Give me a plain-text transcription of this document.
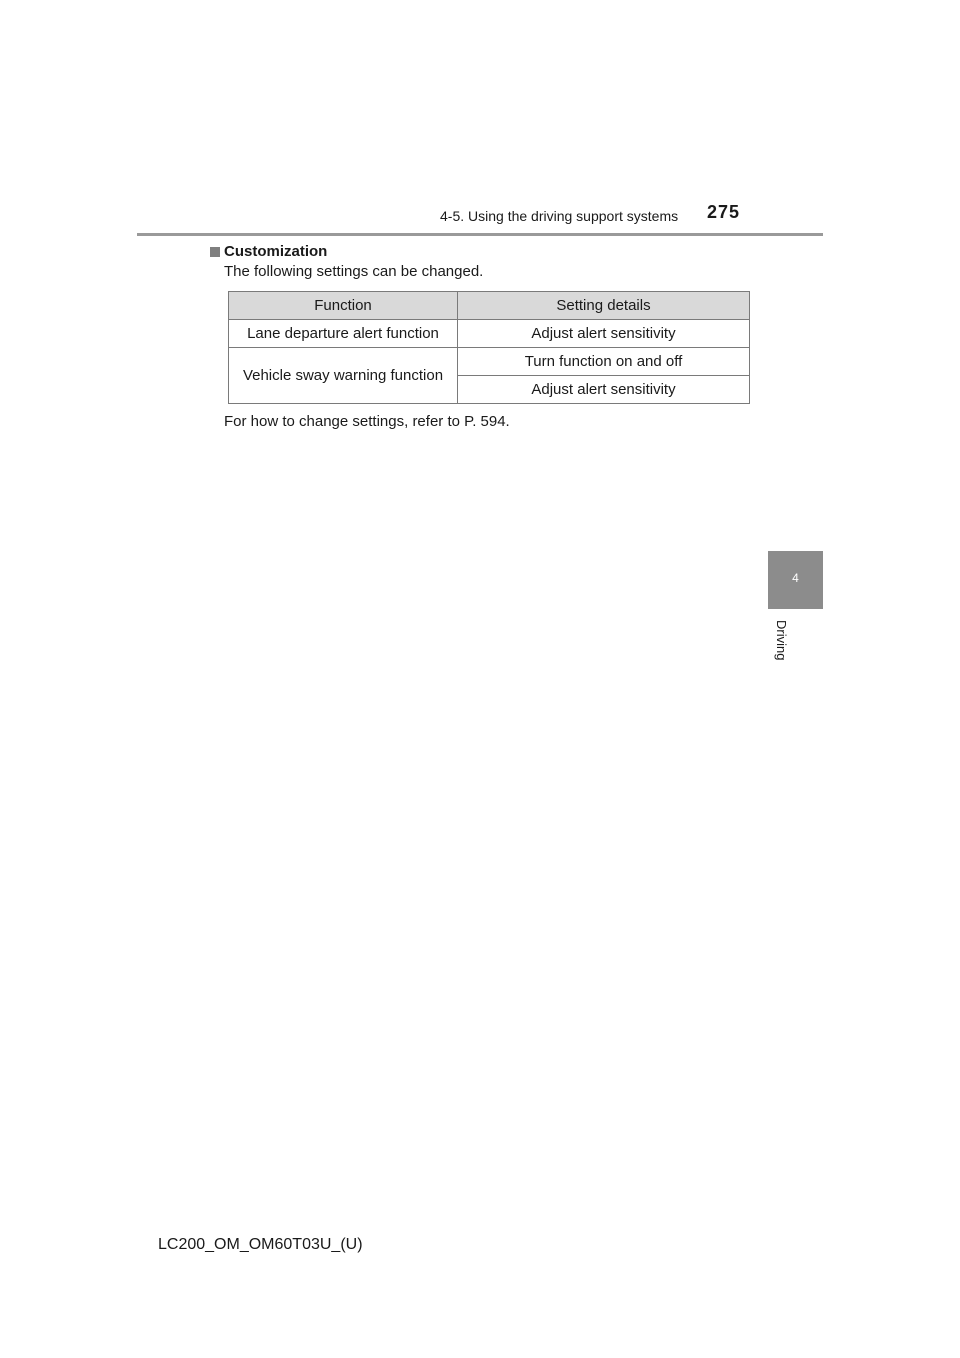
4-5. Using the driving support systems 275
Customization
The following settings can be changed.
Function	Setting details
Lane departure alert function	Adjust alert sensitivity
Vehicle sway warning function	Turn function on and off
	Adjust alert sensitivity
For how to change settings, refer to P. 594.
4
Driving
LC200_OM_OM60T03U_(U)
